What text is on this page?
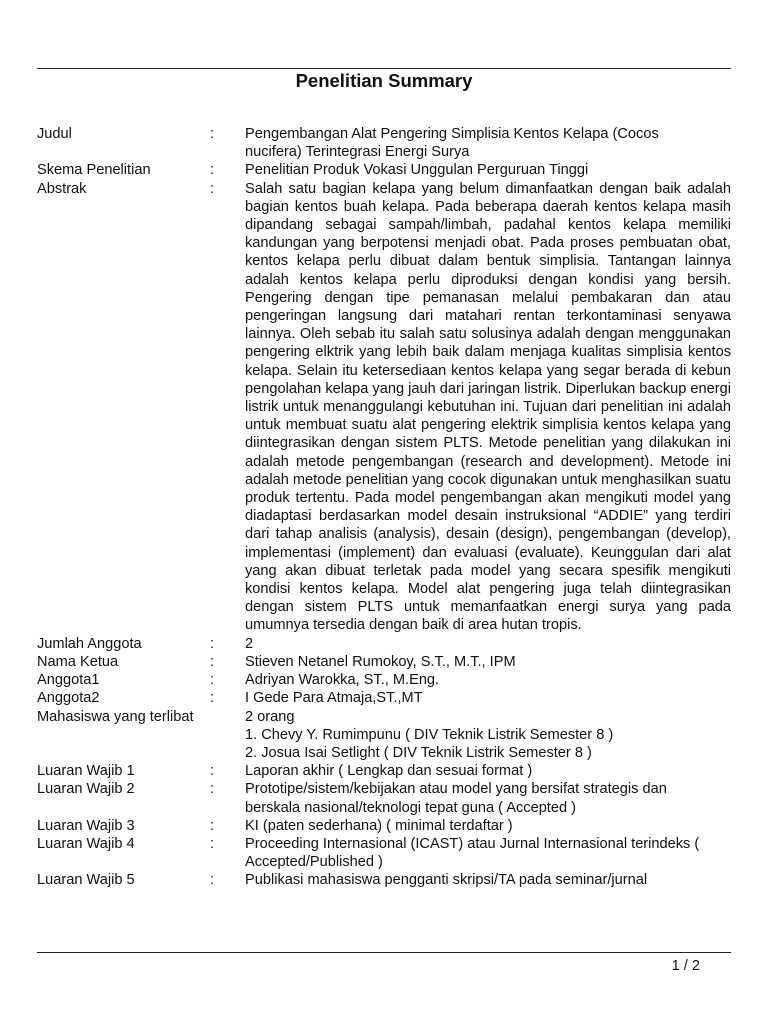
Penelitian Summary
Judul	: Pengembangan Alat Pengering Simplisia Kentos Kelapa (Cocos
nucifera) Terintegrasi Energi Surya
Skema Penelitian	: Penelitian Produk Vokasi Unggulan Perguruan Tinggi
Abstrak	: Salah satu bagian kelapa yang belum dimanfaatkan dengan baik adalah bagian kentos buah kelapa. Pada beberapa daerah kentos kelapa masih dipandang sebagai sampah/limbah, padahal kentos kelapa memiliki kandungan yang berpotensi menjadi obat. Pada proses pembuatan obat, kentos kelapa perlu dibuat dalam bentuk simplisia. Tantangan lainnya adalah kentos kelapa perlu diproduksi dengan kondisi yang bersih. Pengering dengan tipe pemanasan melalui pembakaran dan atau pengeringan langsung dari matahari rentan terkontaminasi senyawa lainnya. Oleh sebab itu salah satu solusinya adalah dengan menggunakan pengering elktrik yang lebih baik dalam menjaga kualitas simplisia kentos kelapa. Selain itu ketersediaan kentos kelapa yang segar berada di kebun pengolahan kelapa yang jauh dari jaringan listrik. Diperlukan backup energi listrik untuk menanggulangi kebutuhan ini. Tujuan dari penelitian ini adalah untuk membuat suatu alat pengering elektrik simplisia kentos kelapa yang diintegrasikan dengan sistem PLTS. Metode penelitian yang dilakukan ini adalah metode pengembangan (research and development). Metode ini adalah metode penelitian yang cocok digunakan untuk menghasilkan suatu produk tertentu. Pada model pengembangan akan mengikuti model yang diadaptasi berdasarkan model desain instruksional “ADDIE” yang terdiri dari tahap analisis (analysis), desain (design), pengembangan (develop), implementasi (implement) dan evaluasi (evaluate). Keunggulan dari alat yang akan dibuat terletak pada model yang secara spesifik mengikuti kondisi kentos kelapa. Model alat pengering juga telah diintegrasikan dengan sistem PLTS untuk memanfaatkan energi surya yang pada umumnya tersedia dengan baik di area hutan tropis.
Jumlah Anggota	: 2
Nama Ketua	: Stieven Netanel Rumokoy, S.T., M.T., IPM
Anggota1	: Adriyan Warokka, ST., M.Eng.
Anggota2	: I Gede Para Atmaja,ST.,MT
Mahasiswa yang terlibat	2 orang
1. Chevy Y. Rumimpunu ( DIV Teknik Listrik Semester 8 )
2. Josua Isai Setlight ( DIV Teknik Listrik Semester 8 )
Luaran Wajib 1	: Laporan akhir ( Lengkap dan sesuai format )
Luaran Wajib 2	: Prototipe/sistem/kebijakan atau model yang bersifat strategis dan
berskala nasional/teknologi tepat guna ( Accepted )
Luaran Wajib 3	: KI (paten sederhana) ( minimal terdaftar )
Luaran Wajib 4	: Proceeding Internasional (ICAST) atau Jurnal Internasional terindeks (
Accepted/Published )
Luaran Wajib 5	: Publikasi mahasiswa pengganti skripsi/TA pada seminar/jurnal
1 / 2
